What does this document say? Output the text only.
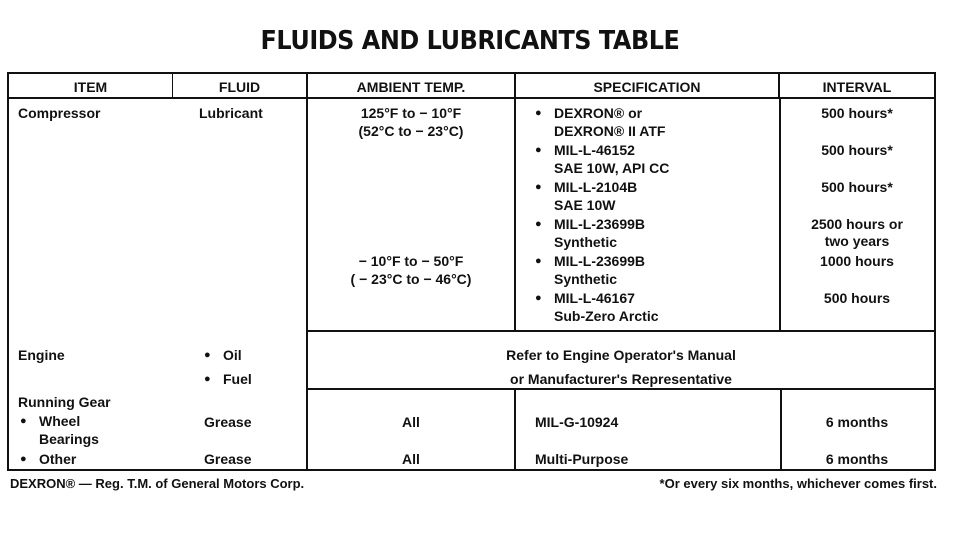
FLUIDS AND LUBRICANTS TABLE
ITEM	FLUID	AMBIENT TEMP.	SPECIFICATION	INTERVAL
Compressor	Lubricant	125°F to − 10°F
(52°C to − 23°C)
− 10°F to − 50°F
( − 23°C to − 46°C)
● DEXRON® or
DEXRON® II ATF
● MIL-L-46152
SAE 10W, API CC
● MIL-L-2104B
SAE 10W
● MIL-L-23699B
Synthetic
● MIL-L-23699B
Synthetic
● MIL-L-46167
Sub-Zero Arctic
500 hours*
500 hours*
500 hours*
2500 hours or
two years
1000 hours
500 hours
Engine
●	Oil
● Fuel
Refer to Engine Operator's Manual
or Manufacturer's Representative
Running Gear
● Wheel
Bearings
Grease	All	MIL-G-10924	6 months
● Other	Grease	All	Multi-Purpose	6 months
DEXRON® — Reg. T.M. of General Motors Corp.	*Or every six months, whichever comes first.
